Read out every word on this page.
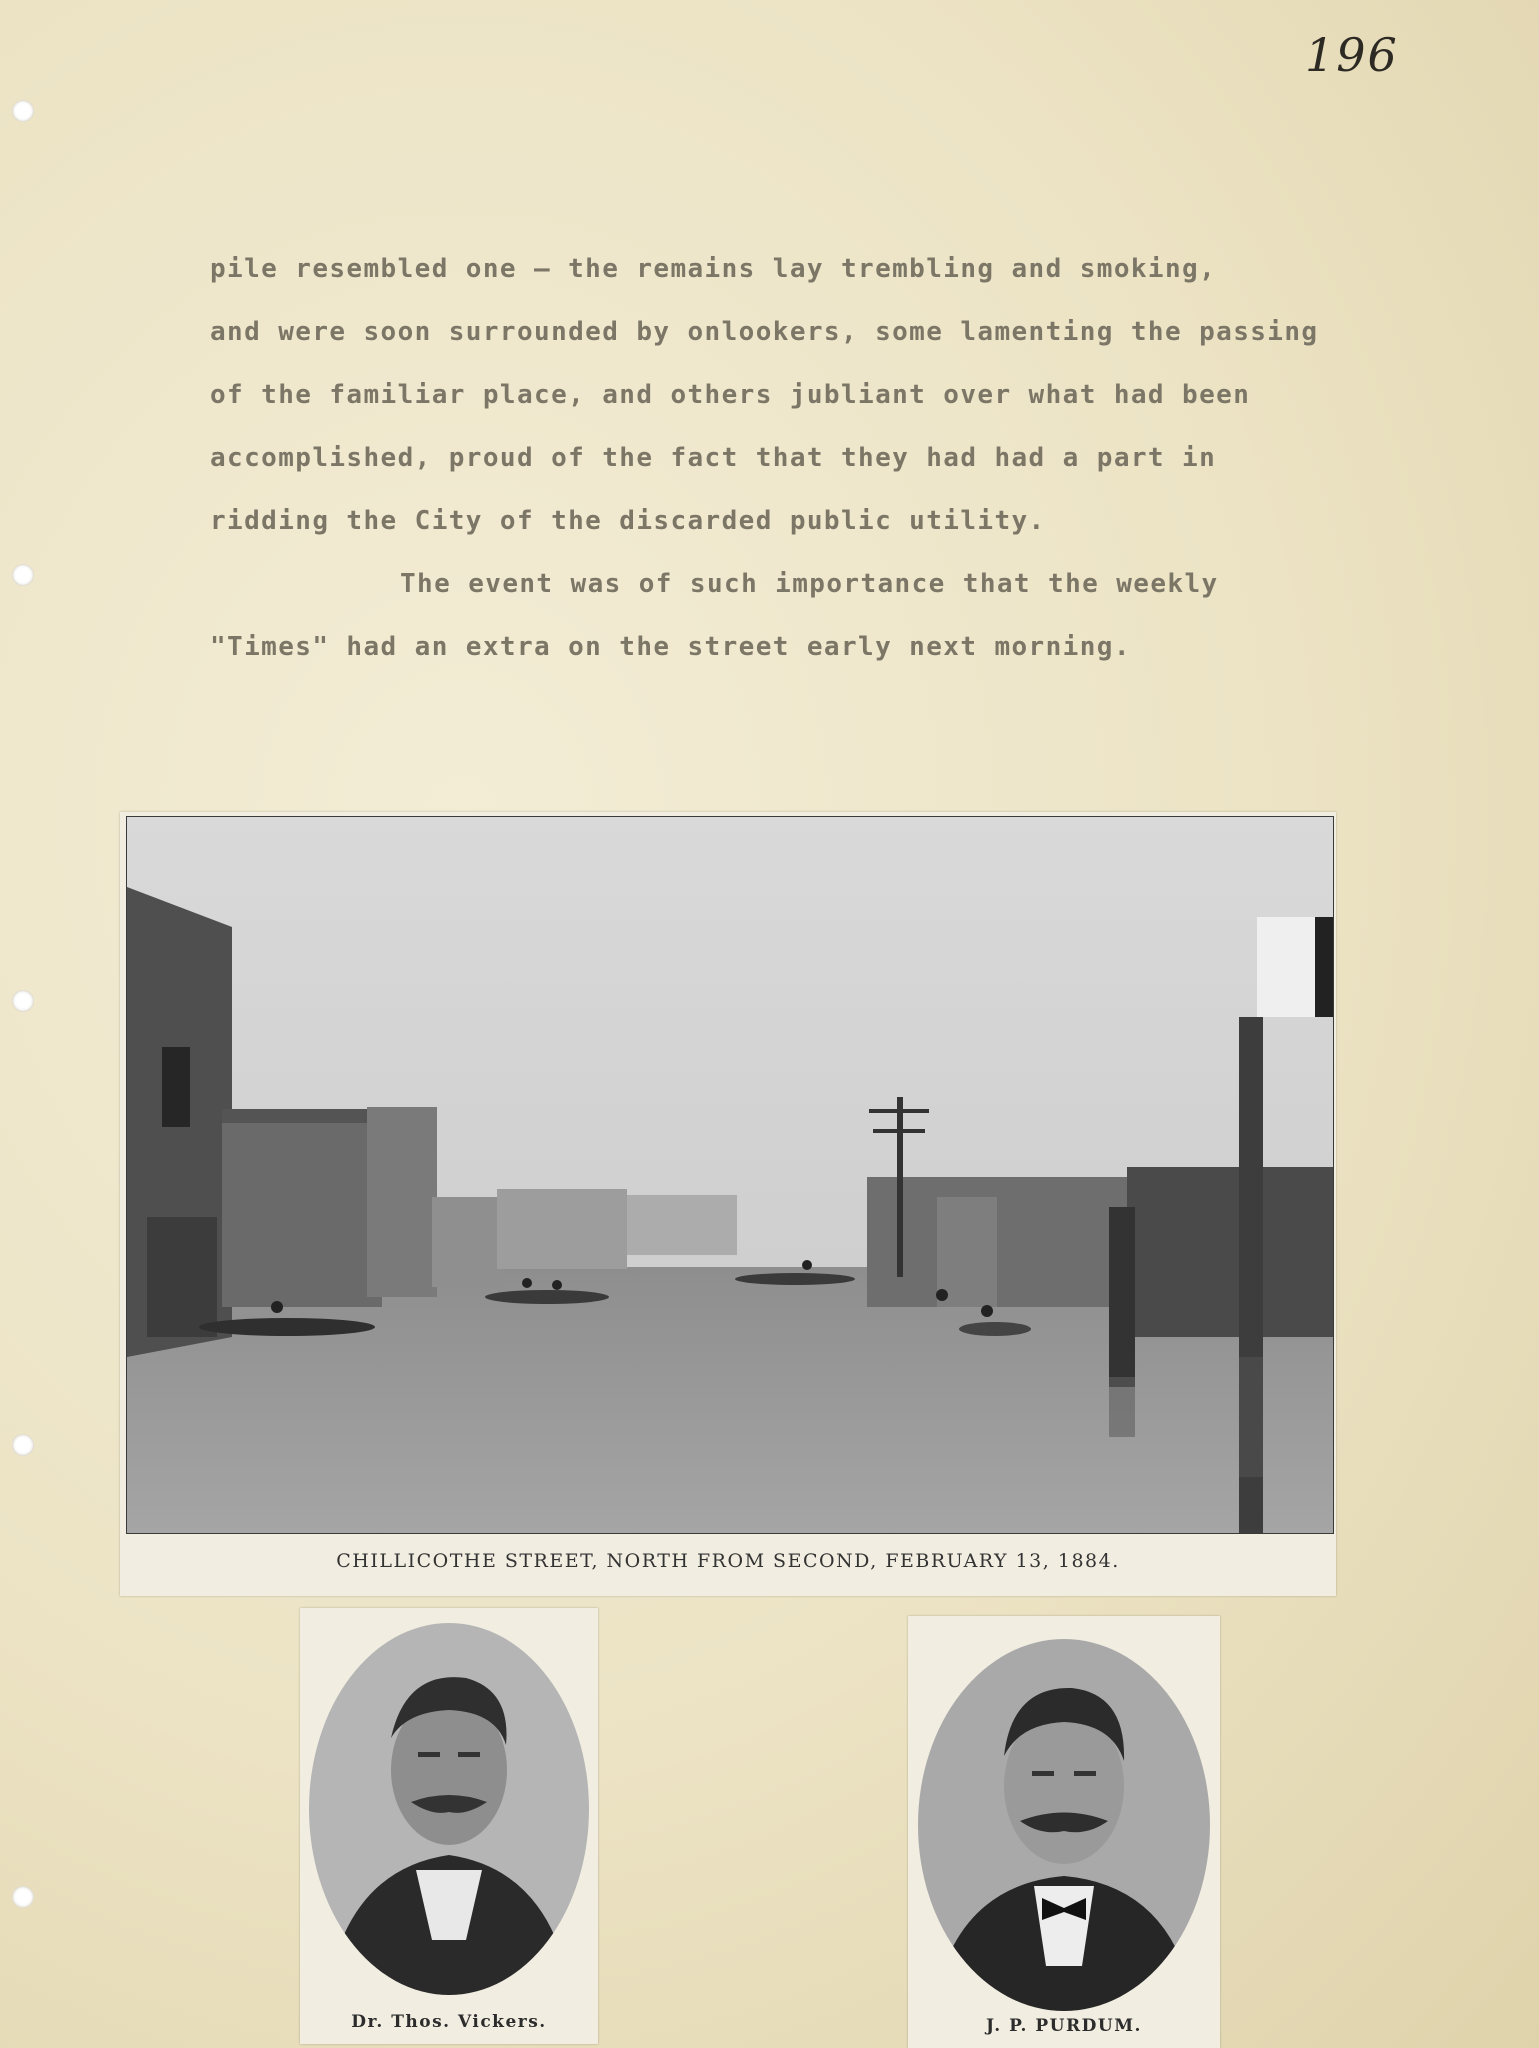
196

pile resembled one — the remains lay trembling and smoking,

and were soon surrounded by onlookers, some lamenting the passing

of the familiar place, and others jubliant over what had been

accomplished, proud of the fact that they had had a part in

ridding the City of the discarded public utility.

The event was of such importance that the weekly

"Times" had an extra on the street early next morning.

CHILLICOTHE STREET, NORTH FROM SECOND, FEBRUARY 13, 1884.
Dr. Thos. Vickers.	J. P. PURDUM.
